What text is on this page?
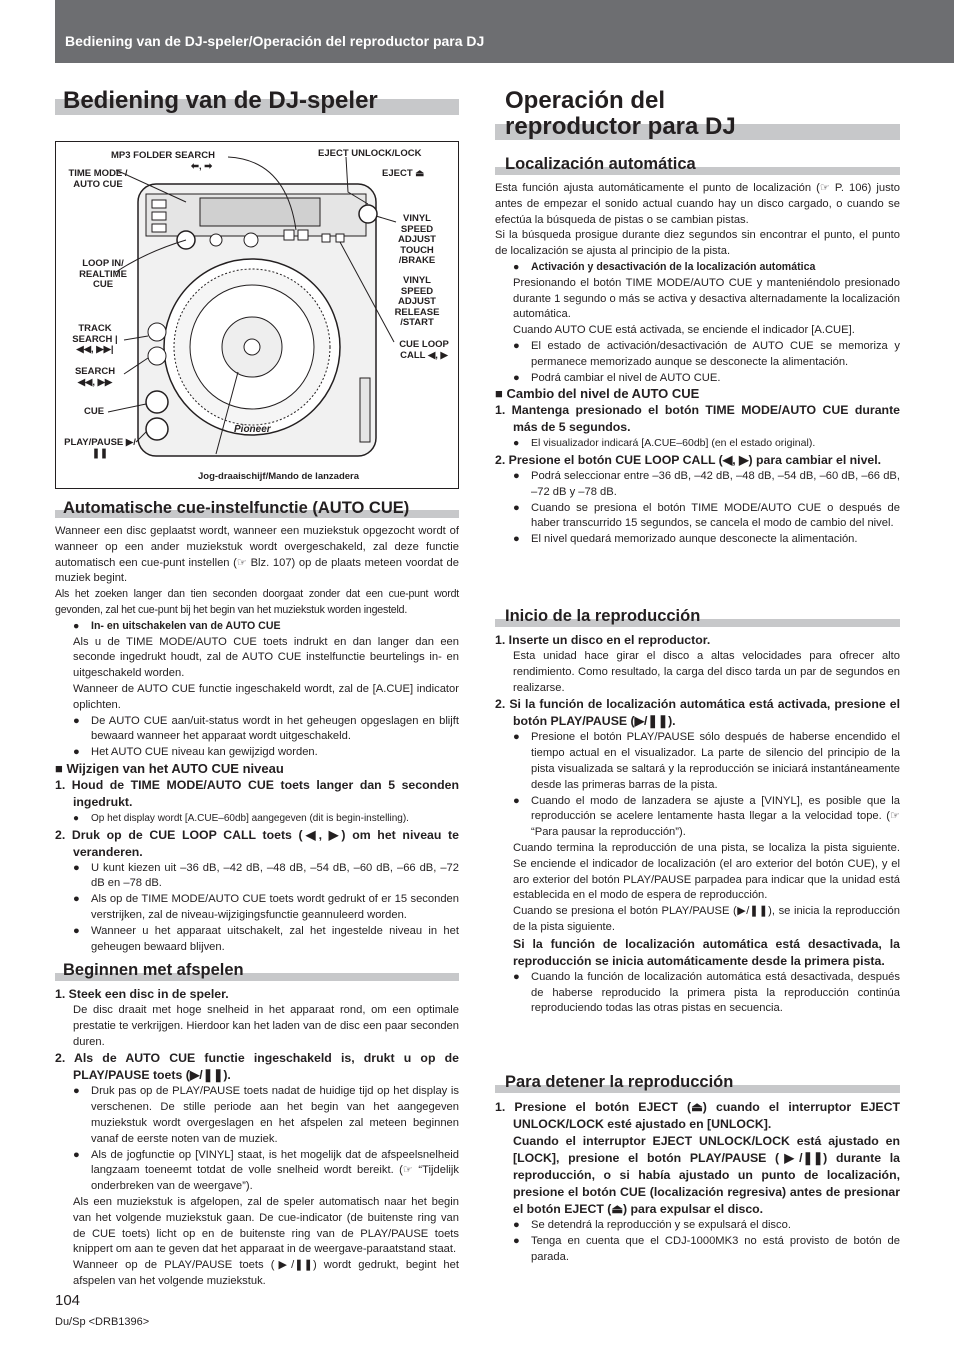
Bediening van de DJ-speler/Operación del reproductor para DJ
Bediening van de DJ-speler
MP3 FOLDER SEARCH
⬅, ➡
EJECT UNLOCK/LOCK
TIME MODE / AUTO CUE
EJECT ⏏
VINYL SPEED ADJUST TOUCH /BRAKE
LOOP IN/ REALTIME CUE	VINYL SPEED ADJUST RELEASE /START
TRACK SEARCH |◀◀, ▶▶|	CUE LOOP CALL ◀, ▶
SEARCH ◀◀, ▶▶
CUE
PLAY/PAUSE ▶/❚❚
Jog-draaischijf/Mando de lanzadera
Pioneer
Automatische cue-instelfunctie (AUTO CUE)

Wanneer een disc geplaatst wordt, wanneer een muziekstuk opgezocht wordt of wanneer op een ander muziekstuk wordt overgeschakeld, zal deze functie automatisch een cue-punt instellen (☞ Blz. 107) op de plaats meteen voordat de muziek begint.

Als het zoeken langer dan tien seconden doorgaat zonder dat een cue-punt wordt gevonden, zal het cue-punt bij het begin van het muziekstuk worden ingesteld.

● In- en uitschakelen van de AUTO CUE

Als u de TIME MODE/AUTO CUE toets indrukt en dan langer dan een seconde ingedrukt houdt, zal de AUTO CUE instelfunctie beurtelings in- en uitgeschakeld worden.

Wanneer de AUTO CUE functie ingeschakeld wordt, zal de [A.CUE] indicator oplichten.

● De AUTO CUE aan/uit-status wordt in het geheugen opgeslagen en blijft bewaard wanneer het apparaat wordt uitgeschakeld.

● Het AUTO CUE niveau kan gewijzigd worden.

■ Wijzigen van het AUTO CUE niveau

1. Houd de TIME MODE/AUTO CUE toets langer dan 5 seconden ingedrukt.

● Op het display wordt [A.CUE–60db] aangegeven (dit is begin-instelling).

2. Druk op de CUE LOOP CALL toets (◀, ▶) om het niveau te veranderen.

● U kunt kiezen uit –36 dB, –42 dB, –48 dB, –54 dB, –60 dB, –66 dB, –72 dB en –78 dB.

● Als op de TIME MODE/AUTO CUE toets wordt gedrukt of er 15 seconden verstrijken, zal de niveau-wijzigingsfunctie geannuleerd worden.

● Wanneer u het apparaat uitschakelt, zal het ingestelde niveau in het geheugen bewaard blijven.

Beginnen met afspelen

1. Steek een disc in de speler.

De disc draait met hoge snelheid in het apparaat rond, om een optimale prestatie te verkrijgen. Hierdoor kan het laden van de disc een paar seconden duren.

2. Als de AUTO CUE functie ingeschakeld is, drukt u op de PLAY/PAUSE toets (▶/❚❚).

● Druk pas op de PLAY/PAUSE toets nadat de huidige tijd op het display is verschenen. De stille periode aan het begin van het aangegeven muziekstuk wordt overgeslagen en het afspelen zal meteen beginnen vanaf de eerste noten van de muziek.

● Als de jogfunctie op [VINYL] staat, is het mogelijk dat de afspeelsnelheid langzaam toeneemt totdat de volle snelheid wordt bereikt. (☞ “Tijdelijk onderbreken van de weergave”).

Als een muziekstuk is afgelopen, zal de speler automatisch naar het begin van het volgende muziekstuk gaan. De cue-indicator (de buitenste ring van de CUE toets) licht op en de buitenste ring van de PLAY/PAUSE toets knippert om aan te geven dat het apparaat in de weergave-paraatstand staat.

Wanneer op de PLAY/PAUSE toets (▶/❚❚) wordt gedrukt, begint het afspelen van het volgende muziekstuk.

Operación del
reproductor para DJ
Localización automática

Esta función ajusta automáticamente el punto de localización (☞ P. 106) justo antes de empezar el sonido actual cuando hay un disco cargado, o cuando se efectúa la búsqueda de pistas o se cambian pistas.

Si la búsqueda prosigue durante diez segundos sin encontrar el punto, el punto de localización se ajusta al principio de la pista.

● Activación y desactivación de la localización automática

Presionando el botón TIME MODE/AUTO CUE y manteniéndolo presionado durante 1 segundo o más se activa y desactiva alternadamente la localización automática.

Cuando AUTO CUE está activada, se enciende el indicador [A.CUE].

● El estado de activación/desactivación de AUTO CUE se memoriza y permanece memorizado aunque se desconecte la alimentación.

● Podrá cambiar el nivel de AUTO CUE.

■ Cambio del nivel de AUTO CUE

1. Mantenga presionado el botón TIME MODE/AUTO CUE durante más de 5 segundos.

● El visualizador indicará [A.CUE–60db] (en el estado original).

2. Presione el botón CUE LOOP CALL (◀, ▶) para cambiar el nivel.

● Podrá seleccionar entre –36 dB, –42 dB, –48 dB, –54 dB, –60 dB, –66 dB, –72 dB y –78 dB.

● Cuando se presiona el botón TIME MODE/AUTO CUE o después de haber transcurrido 15 segundos, se cancela el modo de cambio del nivel.

● El nivel quedará memorizado aunque desconecte la alimentación.

Inicio de la reproducción

1. Inserte un disco en el reproductor.

Esta unidad hace girar el disco a altas velocidades para ofrecer alto rendimiento. Como resultado, la carga del disco tarda un par de segundos en realizarse.

2. Si la función de localización automática está activada, presione el botón PLAY/PAUSE (▶/❚❚).

● Presione el botón PLAY/PAUSE sólo después de haberse encendido el tiempo actual en el visualizador. La parte de silencio del principio de la pista visualizada se saltará y la reproducción se iniciará instantáneamente desde las primeras barras de la pista.

● Cuando el modo de lanzadera se ajuste a [VINYL], es posible que la reproducción se acelere lentamente hasta llegar a la velocidad tope. (☞ “Para pausar la reproducción”).

Cuando termina la reproducción de una pista, se localiza la pista siguiente. Se enciende el indicador de localización (el aro exterior del botón CUE), y el aro exterior del botón PLAY/PAUSE parpadea para indicar que la unidad está establecida en el modo de espera de reproducción.

Cuando se presiona el botón PLAY/PAUSE (▶/❚❚), se inicia la reproducción de la pista siguiente.

Si la función de localización automática está desactivada, la reproducción se inicia automáticamente desde la primera pista.

● Cuando la función de localización automática está desactivada, después de haberse reproducido la primera pista la reproducción continúa reproduciendo todas las otras pistas en secuencia.

Para detener la reproducción

1. Presione el botón EJECT (⏏) cuando el interruptor EJECT UNLOCK/LOCK esté ajustado en [UNLOCK].

Cuando el interruptor EJECT UNLOCK/LOCK está ajustado en [LOCK], presione el botón PLAY/PAUSE (▶/❚❚) durante la reproducción, o si había ajustado un punto de localización, presione el botón CUE (localización regresiva) antes de presionar el botón EJECT (⏏) para expulsar el disco.

● Se detendrá la reproducción y se expulsará el disco.

● Tenga en cuenta que el CDJ-1000MK3 no está provisto de botón de parada.

104
Du/Sp <DRB1396>
